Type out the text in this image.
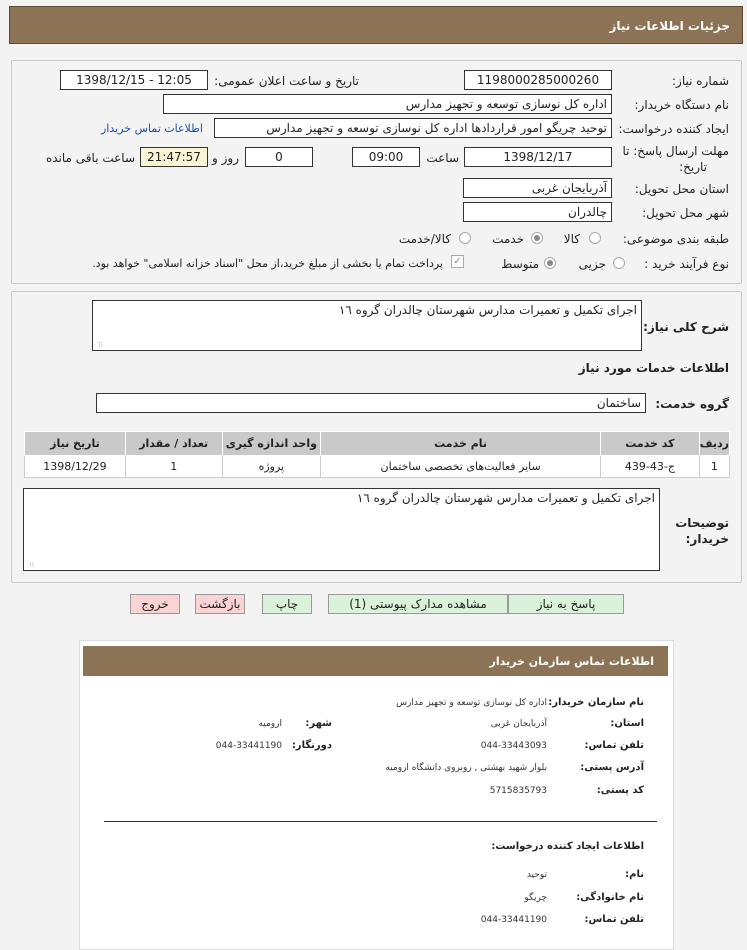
جزئیات اطلاعات نیاز
شماره نیاز:
1198000285000260
تاریخ و ساعت اعلان عمومی:
1398/12/15 - 12:05
نام دستگاه خریدار:
اداره کل نوسازی توسعه و تجهیز مدارس
ایجاد کننده درخواست:
توحید چریگو امور قراردادها اداره کل نوسازی توسعه و تجهیز مدارس
اطلاعات تماس خریدار
مهلت ارسال پاسخ: تا
تاریخ:
1398/12/17
ساعت
09:00
0
روز و
21:47:57
ساعت باقی مانده
استان محل تحویل:
آذربایجان غربی
شهر محل تحویل:
چالدران
طبقه بندی موضوعی:
کالا
خدمت
کالا/خدمت
نوع فرآیند خرید :
جزیی
متوسط
✓
پرداخت تمام یا بخشی از مبلغ خرید،از محل "اسناد خزانه اسلامی" خواهد بود.
شرح کلی نیاز:
اجرای تکمیل و تعمیرات مدارس شهرستان چالدران گروه ١٦
⁞⁞
اطلاعات خدمات مورد نیاز
گروه خدمت:
ساختمان
ردیف	کد خدمت	نام خدمت	واحد اندازه گیری	تعداد / مقدار	تاریخ نیاز
1	ج-43-439	سایر فعالیت‌های تخصصی ساختمان	پروژه	1	1398/12/29
توضیحات
خریدار:
اجرای تکمیل و تعمیرات مدارس شهرستان چالدران گروه ١٦
⁞⁞
پاسخ به نیاز
مشاهده مدارک پیوستی (1)
چاپ
بازگشت
خروج
اطلاعات تماس سازمان خریدار
نام سازمان خریدار:
اداره کل نوسازی توسعه و تجهیز مدارس
استان:
آذربایجان غربی
شهر:
ارومیه
تلفن تماس:
044-33443093
دورنگار:
044-33441190
آدرس پستی:
بلوار شهید بهشتی , روبروی دانشگاه ارومیه
کد پستی:
5715835793
اطلاعات ایجاد کننده درخواست:
نام:
توحید
نام خانوادگی:
چریگو
تلفن تماس:
044-33441190
